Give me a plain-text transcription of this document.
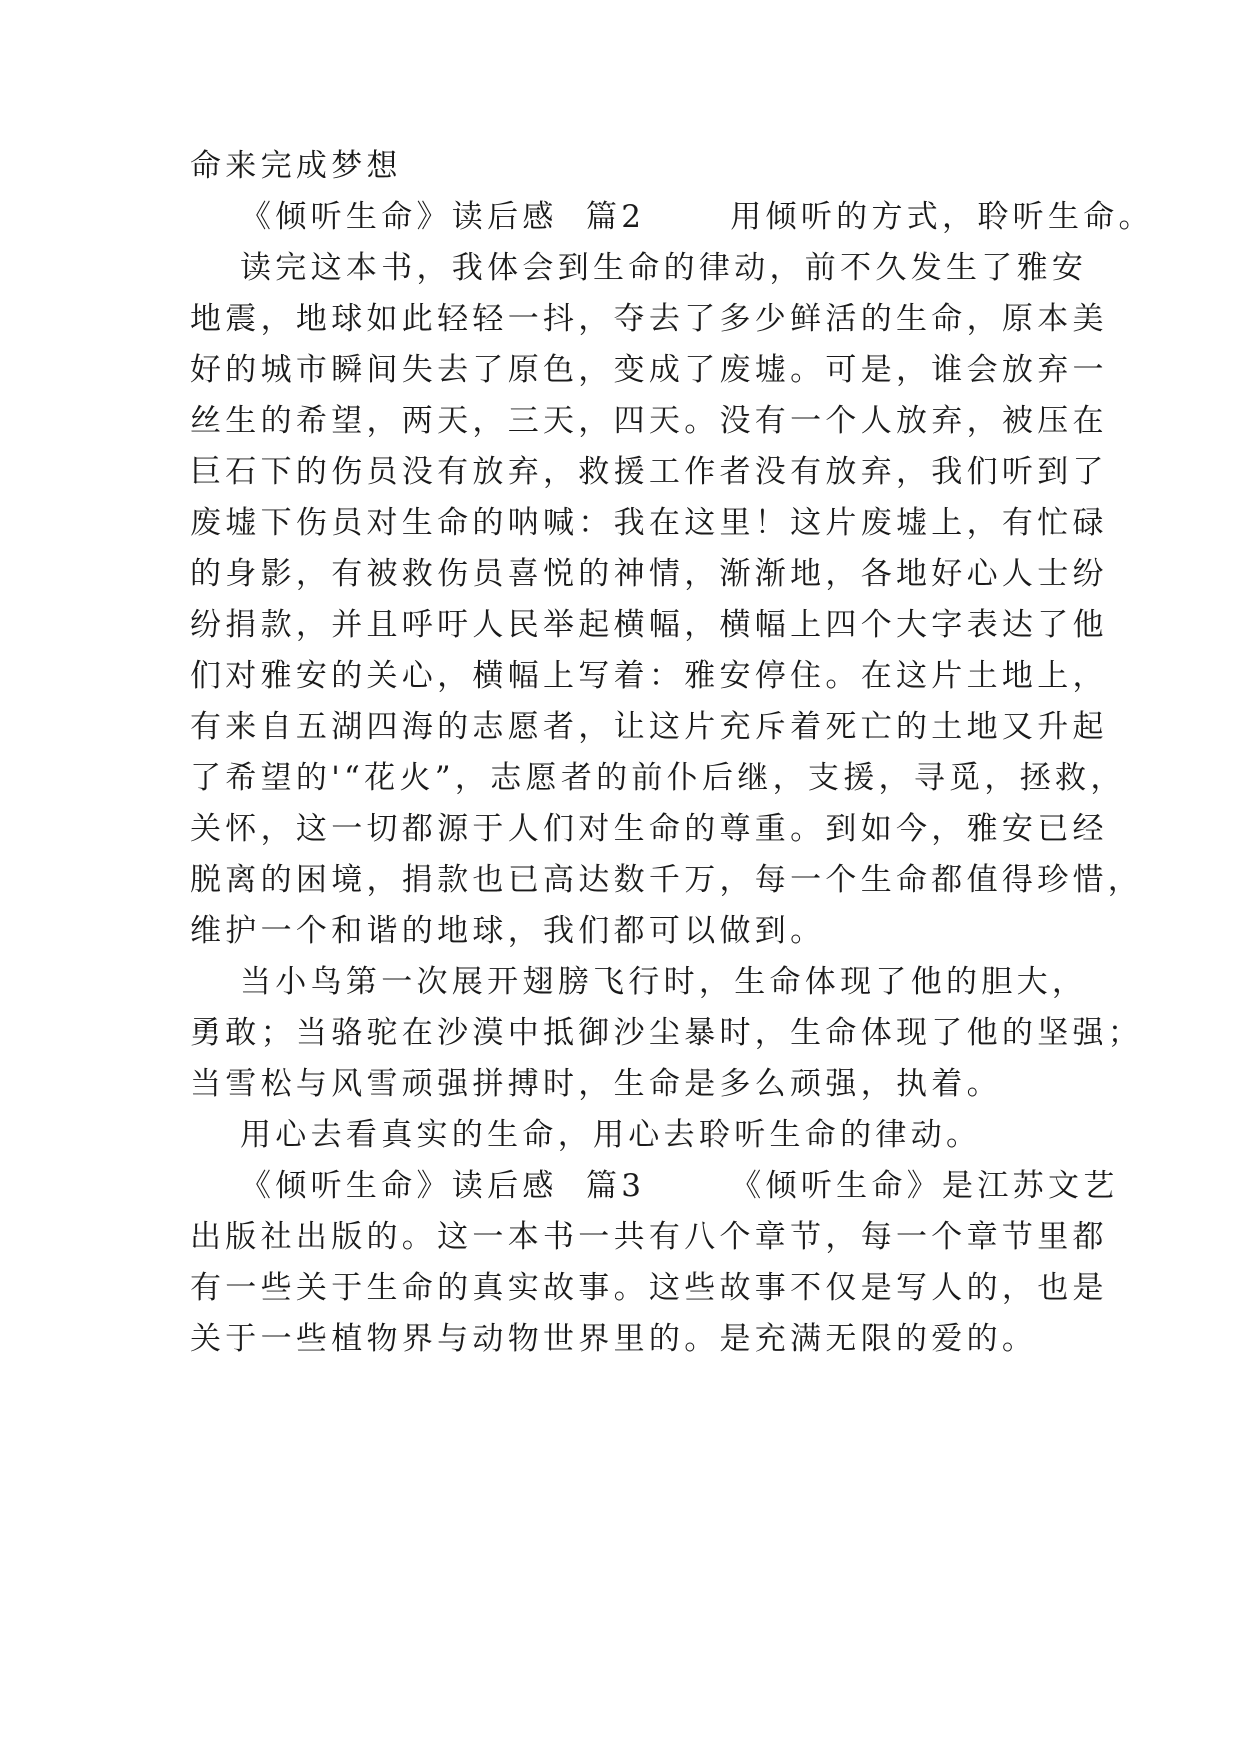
命来完成梦想
《倾听生命》读后感  篇2      用倾听的方式，聆听生命。
读完这本书，我体会到生命的律动，前不久发生了雅安
地震，地球如此轻轻一抖，夺去了多少鲜活的生命，原本美
好的城市瞬间失去了原色，变成了废墟。可是，谁会放弃一
丝生的希望，两天，三天，四天。没有一个人放弃，被压在
巨石下的伤员没有放弃，救援工作者没有放弃，我们听到了
废墟下伤员对生命的呐喊：我在这里！这片废墟上，有忙碌
的身影，有被救伤员喜悦的神情，渐渐地，各地好心人士纷
纷捐款，并且呼吁人民举起横幅，横幅上四个大字表达了他
们对雅安的关心，横幅上写着：雅安停住。在这片土地上，
有来自五湖四海的志愿者，让这片充斥着死亡的土地又升起
了希望的'“花火”，志愿者的前仆后继，支援，寻觅，拯救，
关怀，这一切都源于人们对生命的尊重。到如今，雅安已经
脱离的困境，捐款也已高达数千万，每一个生命都值得珍惜，
维护一个和谐的地球，我们都可以做到。
当小鸟第一次展开翅膀飞行时，生命体现了他的胆大，
勇敢；当骆驼在沙漠中抵御沙尘暴时，生命体现了他的坚强；
当雪松与风雪顽强拼搏时，生命是多么顽强，执着。
用心去看真实的生命，用心去聆听生命的律动。
《倾听生命》读后感  篇3      《倾听生命》是江苏文艺
出版社出版的。这一本书一共有八个章节，每一个章节里都
有一些关于生命的真实故事。这些故事不仅是写人的，也是
关于一些植物界与动物世界里的。是充满无限的爱的。
